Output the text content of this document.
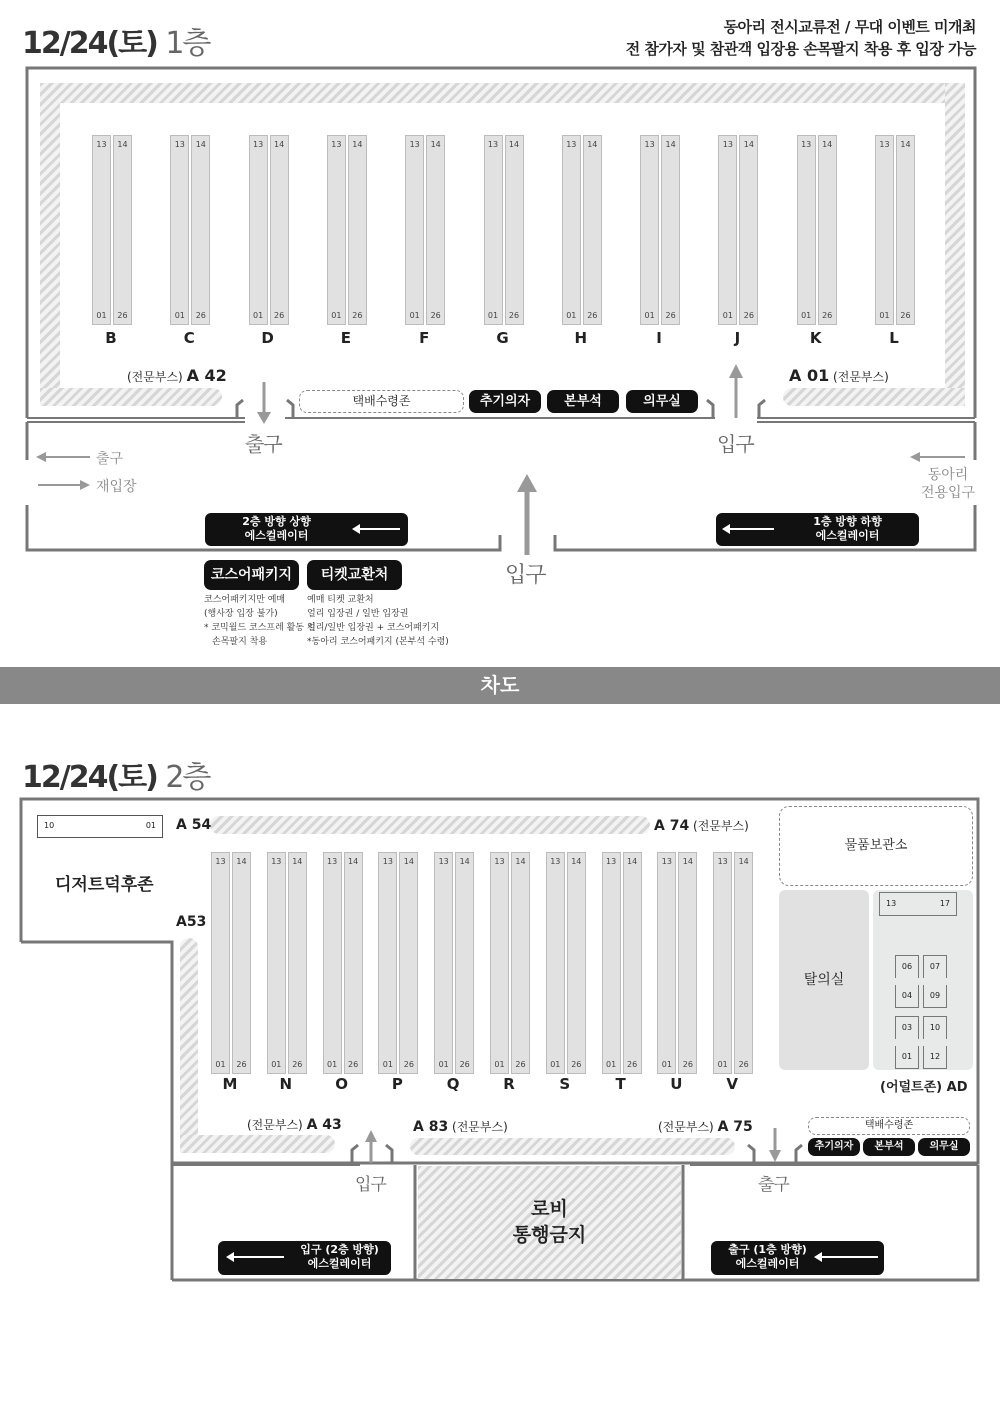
12/24(토) 1층	동아리 전시교류전 / 무대 이벤트 미개최
전 참가자 및 참관객 입장용 손목팔지 착용 후 입장 가능
13
01
14
26
B
13
01
14
26
C
13
01
14
26
D
13
01
14
26
E
13
01
14
26
F
13
01
14
26
G
13
01
14
26
H
13
01
14
26
I
13
01
14
26
J
13
01
14
26
K
13
01
14
26
L
(전문부스) A 42	A 01 (전문부스)
택배수령존	추기의자	본부석	의무실
출구	입구
출구
재입장
동아리
전용입구
2층 방향 상향
에스컬레이터
1층 방향 하향
에스컬레이터
입구
코스어패키지	티켓교환처
코스어패키지만 예매
(행사장 입장 불가)
* 코믹월드 코스프레 활동 시
손목팔지 착용
예매 티켓 교환처
얼리 입장권 / 일반 입장권
얼리/일반 입장권 + 코스어패키지
*동아리 코스어패키지 (본부석 수령)
차도
12/24(토) 2층
10	01
디저트덕후존
A 54	A 74 (전문부스)
A53
13
01
14
26
M
13
01
14
26
N
13
01
14
26
O
13
01
14
26
P
13
01
14
26
Q
13
01
14
26
R
13
01
14
26
S
13
01
14
26
T
13
01
14
26
U
13
01
14
26
V
(전문부스) A 43	A 83 (전문부스)	(전문부스) A 75
물품보관소
탈의실
13	17
06	07
04	09
03	10
01	12
(어덜트존) AD
택배수령존
추기의자	본부석	의무실
입구	출구
로비
통행금지
입구 (2층 방향)
에스컬레이터
출구 (1층 방향)
에스컬레이터
